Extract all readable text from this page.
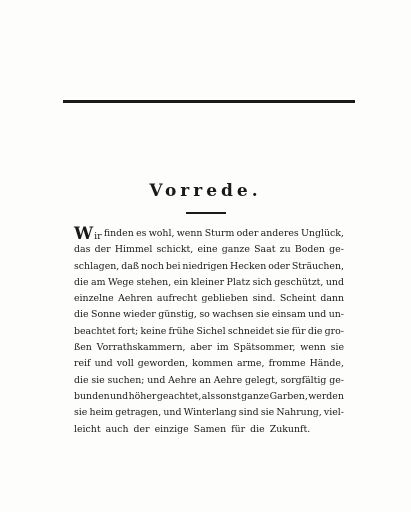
Vorrede.
Wir finden es wohl, wenn Sturm oder anderes Unglück,
das der Himmel schickt, eine ganze Saat zu Boden ge-
schlagen, daß noch bei niedrigen Hecken oder Sträuchen,
die am Wege stehen, ein kleiner Platz sich geschützt, und
einzelne Aehren aufrecht geblieben sind. Scheint dann
die Sonne wieder günstig, so wachsen sie einsam und un-
beachtet fort; keine frühe Sichel schneidet sie für die gro-
ßen Vorrathskammern, aber im Spätsommer, wenn sie
reif und voll geworden, kommen arme, fromme Hände,
die sie suchen; und Aehre an Aehre gelegt, sorgfältig ge-
bunden und höher geachtet, als sonst ganze Garben, werden
sie heim getragen, und Winterlang sind sie Nahrung, viel-
leicht auch der einzige Samen für die Zukunft.
